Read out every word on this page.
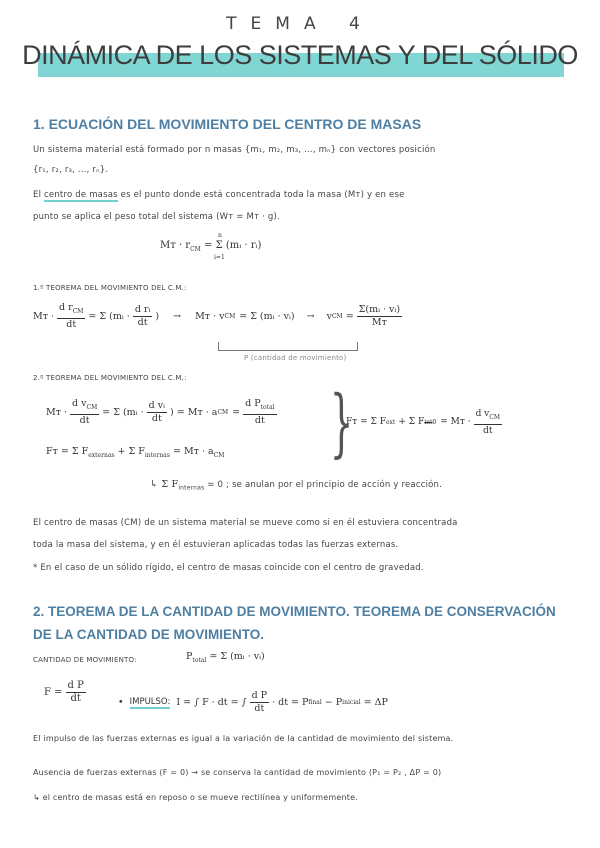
TEMA 4
DINÁMICA DE LOS SISTEMAS Y DEL SÓLIDO
1. ECUACIÓN DEL MOVIMIENTO DEL CENTRO DE MASAS
Un sistema material está formado por n masas {m₁, m₂, m₃, ..., mₙ} con vectores posición
{r₁, r₂, r₃, ..., rₙ}.
El centro de masas es el punto donde está concentrada toda la masa (Mт) y en ese
punto se aplica el peso total del sistema (Wт = Mт · g).
Mт · $r_{CM}$
n
i=1
= Σ (mᵢ · rᵢ)
1.º TEOREMA DEL MOVIMIENTO DEL C.M.:
Mт · $\frac{d r_{CM}}{dt} = \Sigma$ (mᵢ · $\frac{\text{d rᵢ}}{dt}$ ) → Mт · v CM = Σ (mᵢ · vᵢ) → v CM = $\frac{\text{Σ(mᵢ · vᵢ)}}{Mт}$
P (cantidad de movimiento)
2.º TEOREMA DEL MOVIMIENTO DEL C.M.:
Mт · $\frac{d v_{CM}}{dt} = \Sigma$ (mᵢ · $\frac{\text{d vᵢ}}{dt}$ ) = Mт · a CM = $\frac{d P_{total}}{dt}$
Fт = Σ $F_{externas} + \Sigma$ $F_{internas}$ = Mт · $a_{CM}$ }
Fт = Σ F ext + Σ F int 0 = Mт · $\frac{d v_{CM}}{dt}$
↳ Σ $F_{internas} = 0$ ; se anulan por el principio de acción y reacción.
El centro de masas (CM) de un sistema material se mueve como si en él estuviera concentrada
toda la masa del sistema, y en él estuvieran aplicadas todas las fuerzas externas.
* En el caso de un sólido rígido, el centro de masas coincide con el centro de gravedad.
2. TEOREMA DE LA CANTIDAD DE MOVIMIENTO. TEOREMA DE CONSERVACIÓN
DE LA CANTIDAD DE MOVIMIENTO.
CANTIDAD DE MOVIMIENTO:	$P_{total} = \Sigma$ (mᵢ · vᵢ)
$F = \frac{\text{d P}}{dt}$	• IMPULSO: I = ∫ F · dt = ∫ $\frac{\text{d P}}{dt}$ · dt = P final − P inicial = ΔP
El impulso de las fuerzas externas es igual a la variación de la cantidad de movimiento del sistema.
Ausencia de fuerzas externas (F = 0) → se conserva la cantidad de movimiento (P₁ = P₂ , ΔP = 0)
↳ el centro de masas está en reposo o se mueve rectilínea y uniformemente.
